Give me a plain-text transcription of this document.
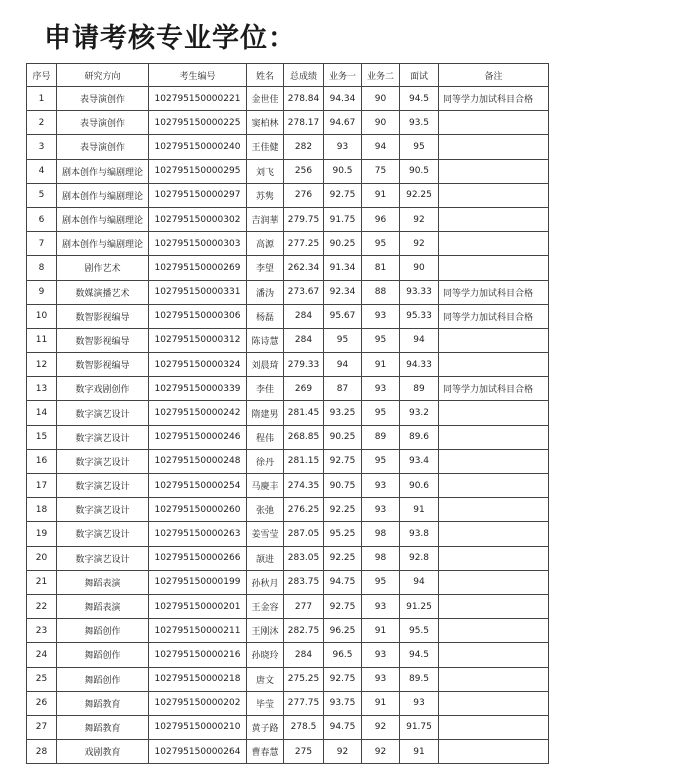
申请考核专业学位：
序号	研究方向	考生编号	姓名	总成绩	业务一	业务二	面试	备注
1	表导演创作	102795150000221	金世佳	278.84	94.34	90	94.5	同等学力加试科目合格
2	表导演创作	102795150000225	窦柏林	278.17	94.67	90	93.5	
3	表导演创作	102795150000240	王佳健	282	93	94	95	
4	剧本创作与编剧理论	102795150000295	刘飞	256	90.5	75	90.5	
5	剧本创作与编剧理论	102795150000297	苏隽	276	92.75	91	92.25	
6	剧本创作与编剧理论	102795150000302	吉润華	279.75	91.75	96	92	
7	剧本创作与编剧理论	102795150000303	高源	277.25	90.25	95	92	
8	剧作艺术	102795150000269	李望	262.34	91.34	81	90	
9	数媒演播艺术	102795150000331	潘沩	273.67	92.34	88	93.33	同等学力加试科目合格
10	数智影视编导	102795150000306	杨磊	284	95.67	93	95.33	同等学力加试科目合格
11	数智影视编导	102795150000312	陈诗慧	284	95	95	94	
12	数智影视编导	102795150000324	刘晨琦	279.33	94	91	94.33	
13	数字戏剧创作	102795150000339	李佳	269	87	93	89	同等学力加试科目合格
14	数字演艺设计	102795150000242	隋建男	281.45	93.25	95	93.2	
15	数字演艺设计	102795150000246	程伟	268.85	90.25	89	89.6	
16	数字演艺设计	102795150000248	徐丹	281.15	92.75	95	93.4	
17	数字演艺设计	102795150000254	马慶丰	274.35	90.75	93	90.6	
18	数字演艺设计	102795150000260	张弛	276.25	92.25	93	91	
19	数字演艺设计	102795150000263	姜雪莹	287.05	95.25	98	93.8	
20	数字演艺设计	102795150000266	颉进	283.05	92.25	98	92.8	
21	舞蹈表演	102795150000199	孙秋月	283.75	94.75	95	94	
22	舞蹈表演	102795150000201	王金容	277	92.75	93	91.25	
23	舞蹈创作	102795150000211	王刚沐	282.75	96.25	91	95.5	
24	舞蹈创作	102795150000216	孙晓玲	284	96.5	93	94.5	
25	舞蹈创作	102795150000218	唐文	275.25	92.75	93	89.5	
26	舞蹈教育	102795150000202	毕莹	277.75	93.75	91	93	
27	舞蹈教育	102795150000210	黄子路	278.5	94.75	92	91.75	
28	戏剧教育	102795150000264	曹春慧	275	92	92	91	
